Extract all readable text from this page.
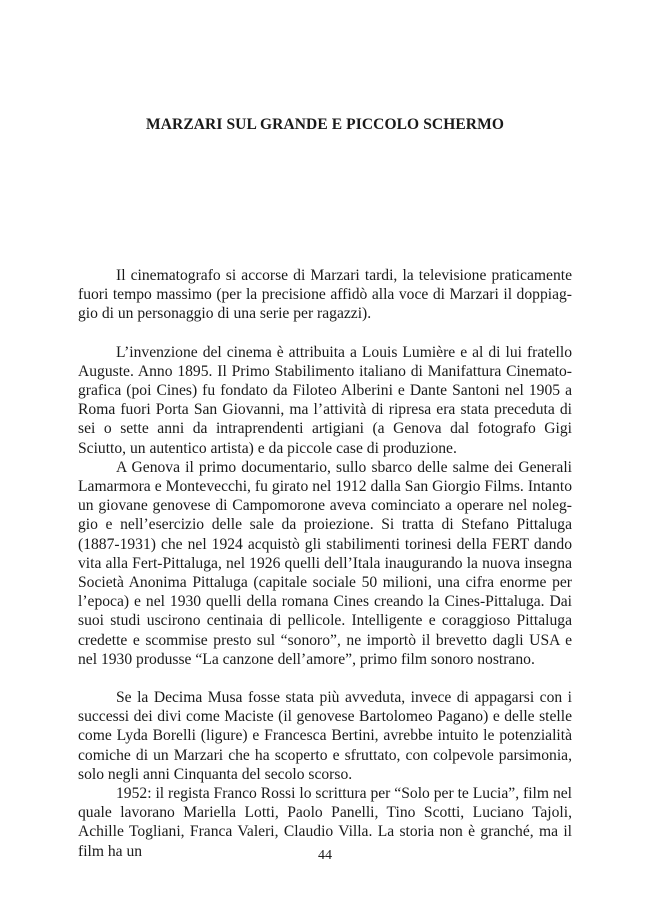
MARZARI SUL GRANDE E PICCOLO SCHERMO

Il cinematografo si accorse di Marzari tardi, la televisione praticamente fuori tempo massimo (per la precisione affidò alla voce di Marzari il doppiaggio di un personaggio di una serie per ragazzi).

L’invenzione del cinema è attribuita a Louis Lumière e al di lui fratello Auguste. Anno 1895. Il Primo Stabilimento italiano di Manifattura Cinematografica (poi Cines) fu fondato da Filoteo Alberini e Dante Santoni nel 1905 a Roma fuori Porta San Giovanni, ma l’attività di ripresa era stata preceduta di sei o sette anni da intraprendenti artigiani (a Genova dal fotografo Gigi Sciutto, un autentico artista) e da piccole case di produzione.

A Genova il primo documentario, sullo sbarco delle salme dei Generali Lamarmora e Montevecchi, fu girato nel 1912 dalla San Giorgio Films. Intanto un giovane genovese di Campomorone aveva cominciato a operare nel noleggio e nell’esercizio delle sale da proiezione. Si tratta di Stefano Pittaluga (1887-1931) che nel 1924 acquistò gli stabilimenti torinesi della FERT dando vita alla Fert-Pittaluga, nel 1926 quelli dell’Itala inaugurando la nuova insegna Società Anonima Pittaluga (capitale sociale 50 milioni, una cifra enorme per l’epoca) e nel 1930 quelli della romana Cines creando la Cines-Pittaluga. Dai suoi studi uscirono centinaia di pellicole. Intelligente e coraggioso Pittaluga credette e scommise presto sul “sonoro”, ne importò il brevetto dagli USA e nel 1930 produsse “La canzone dell’amore”, primo film sonoro nostrano.

Se la Decima Musa fosse stata più avveduta, invece di appagarsi con i successi dei divi come Maciste (il genovese Bartolomeo Pagano) e delle stelle come Lyda Borelli (ligure) e Francesca Bertini, avrebbe intuito le potenzialità comiche di un Marzari che ha scoperto e sfruttato, con colpevole parsimonia, solo negli anni Cinquanta del secolo scorso.

1952: il regista Franco Rossi lo scrittura per “Solo per te Lucia”, film nel quale lavorano Mariella Lotti, Paolo Panelli, Tino Scotti, Luciano Tajoli, Achille Togliani, Franca Valeri, Claudio Villa. La storia non è granché, ma il film ha un	44
